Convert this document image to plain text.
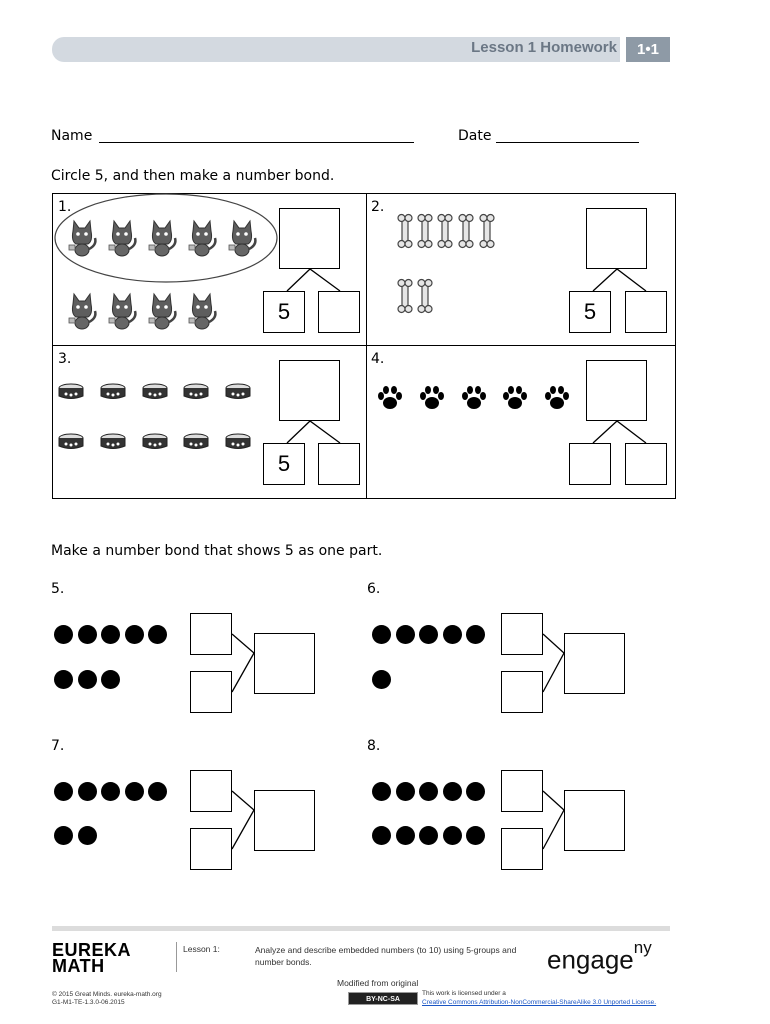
Lesson 1 Homework	1•1
Name	Date
Circle 5, and then make a number bond.
1.	2.
3.	4.
5	5
5
Make a number bond that shows 5 as one part.
5.	6.
7.	8.
EUREKA
MATH
Lesson 1:	Analyze and describe embedded numbers (to 10) using 5-groups and number bonds.	engage$^{ny}$
© 2015 Great Minds. eureka-math.org
G1-M1-TE-1.3.0-06.2015
Modified from original
BY-NC-SA
This work is licensed under a
Creative Commons Attribution-NonCommercial-ShareAlike 3.0 Unported License.
